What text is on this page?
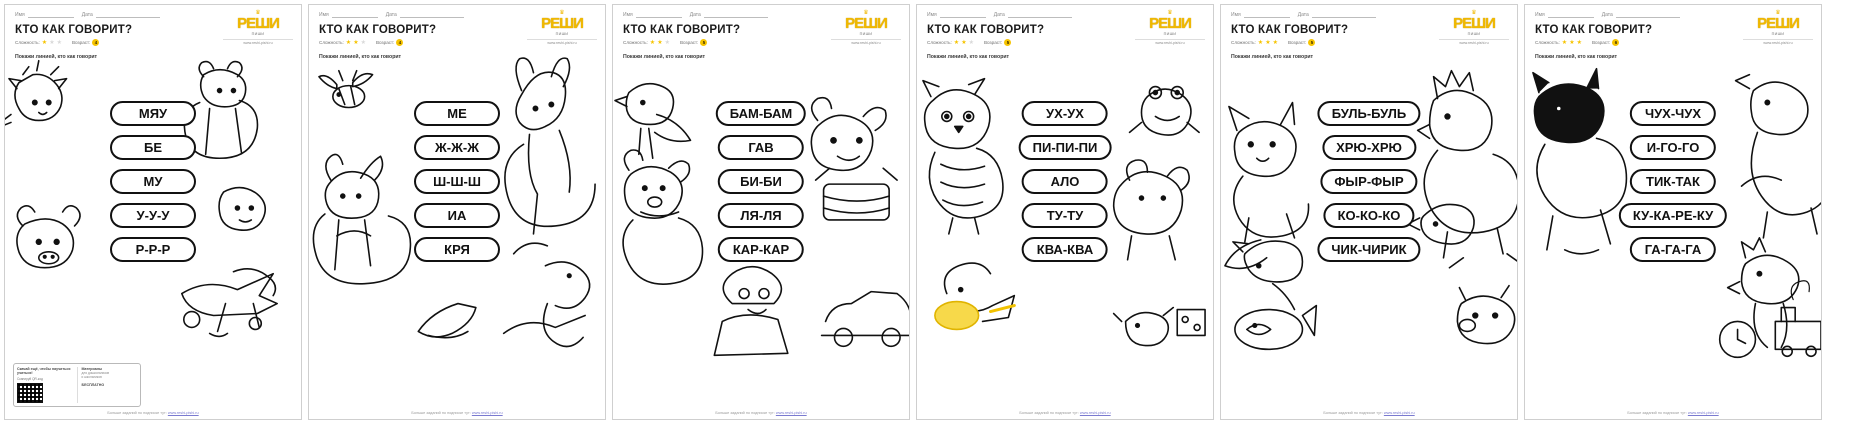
Имя	Дата	♛
РЕШИ
ПИШИ
www.reshi-pishi.ru
КТО КАК ГОВОРИТ?
Сложность: ★ ★ ★ Возраст: 4
Покажи линией, кто как говорит
МЯУ
БЕ
МУ
У-У-У
Р-Р-Р
Скачай ещё, чтобы научиться учиться!
Сканируй QR-код
Материалы
для дошкольников
и школьников
БЕСПЛАТНО
Больше заданий по подписке тут: www.reshi-pishi.ru
Имя	Дата	♛
РЕШИ
ПИШИ
www.reshi-pishi.ru
КТО КАК ГОВОРИТ?
Сложность: ★ ★ ★ Возраст: 4
Покажи линией, кто как говорит
МЕ
Ж-Ж-Ж
Ш-Ш-Ш
ИА
КРЯ
Больше заданий по подписке тут: www.reshi-pishi.ru
Имя	Дата	♛
РЕШИ
ПИШИ
www.reshi-pishi.ru
КТО КАК ГОВОРИТ?
Сложность: ★ ★ ★ Возраст: 5
Покажи линией, кто как говорит
БАМ-БАМ
ГАВ
БИ-БИ
ЛЯ-ЛЯ
КАР-КАР
Больше заданий по подписке тут: www.reshi-pishi.ru
Имя	Дата	♛
РЕШИ
ПИШИ
www.reshi-pishi.ru
КТО КАК ГОВОРИТ?
Сложность: ★ ★ ★ Возраст: 5
Покажи линией, кто как говорит
УХ-УХ
ПИ-ПИ-ПИ
АЛО
ТУ-ТУ
КВА-КВА
Больше заданий по подписке тут: www.reshi-pishi.ru
Имя	Дата	♛
РЕШИ
ПИШИ
www.reshi-pishi.ru
КТО КАК ГОВОРИТ?
Сложность: ★ ★ ★ Возраст: 5
Покажи линией, кто как говорит
БУЛЬ-БУЛЬ
ХРЮ-ХРЮ
ФЫР-ФЫР
КО-КО-КО
ЧИК-ЧИРИК
Больше заданий по подписке тут: www.reshi-pishi.ru
Имя	Дата	♛
РЕШИ
ПИШИ
www.reshi-pishi.ru
КТО КАК ГОВОРИТ?
Сложность: ★ ★ ★ Возраст: 6
Покажи линией, кто как говорит
ЧУХ-ЧУХ
И-ГО-ГО
ТИК-ТАК
КУ-КА-РЕ-КУ
ГА-ГА-ГА
Больше заданий по подписке тут: www.reshi-pishi.ru
